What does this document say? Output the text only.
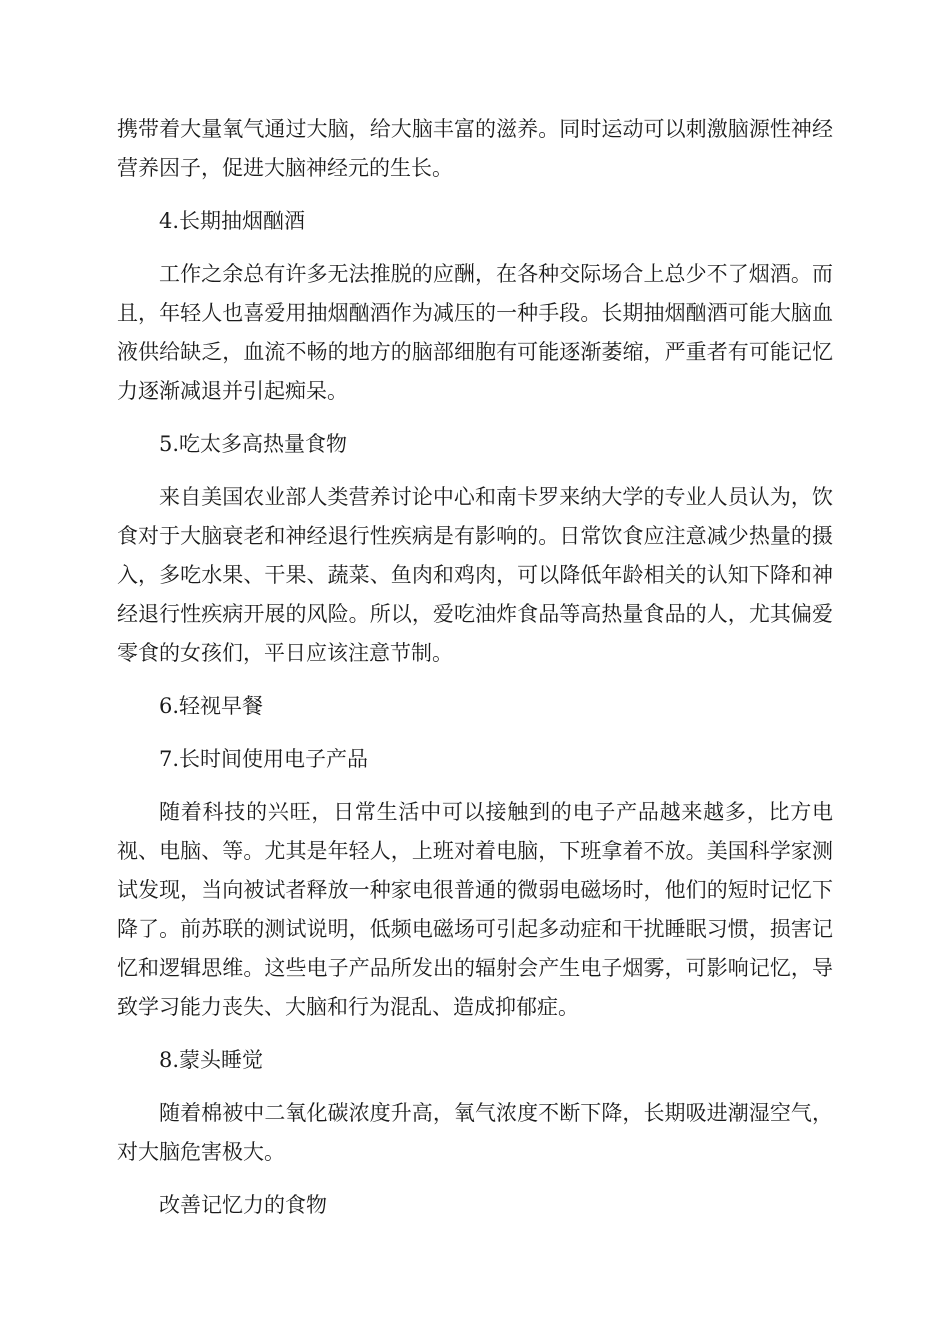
携带着大量氧气通过大脑，给大脑丰富的滋养。同时运动可以刺激脑源性神经营养因子，促进大脑神经元的生长。

4.长期抽烟酗酒

工作之余总有许多无法推脱的应酬，在各种交际场合上总少不了烟酒。而且，年轻人也喜爱用抽烟酗酒作为减压的一种手段。长期抽烟酗酒可能大脑血液供给缺乏，血流不畅的地方的脑部细胞有可能逐渐萎缩，严重者有可能记忆力逐渐减退并引起痴呆。

5.吃太多高热量食物

来自美国农业部人类营养讨论中心和南卡罗来纳大学的专业人员认为，饮食对于大脑衰老和神经退行性疾病是有影响的。日常饮食应注意减少热量的摄入，多吃水果、干果、蔬菜、鱼肉和鸡肉，可以降低年龄相关的认知下降和神经退行性疾病开展的风险。所以，爱吃油炸食品等高热量食品的人，尤其偏爱零食的女孩们，平日应该注意节制。

6.轻视早餐

7.长时间使用电子产品

随着科技的兴旺，日常生活中可以接触到的电子产品越来越多，比方电视、电脑、等。尤其是年轻人，上班对着电脑，下班拿着不放。美国科学家测试发现，当向被试者释放一种家电很普通的微弱电磁场时，他们的短时记忆下降了。前苏联的测试说明，低频电磁场可引起多动症和干扰睡眠习惯，损害记忆和逻辑思维。这些电子产品所发出的辐射会产生电子烟雾，可影响记忆，导致学习能力丧失、大脑和行为混乱、造成抑郁症。

8.蒙头睡觉

随着棉被中二氧化碳浓度升高，氧气浓度不断下降，长期吸进潮湿空气，对大脑危害极大。

改善记忆力的食物
